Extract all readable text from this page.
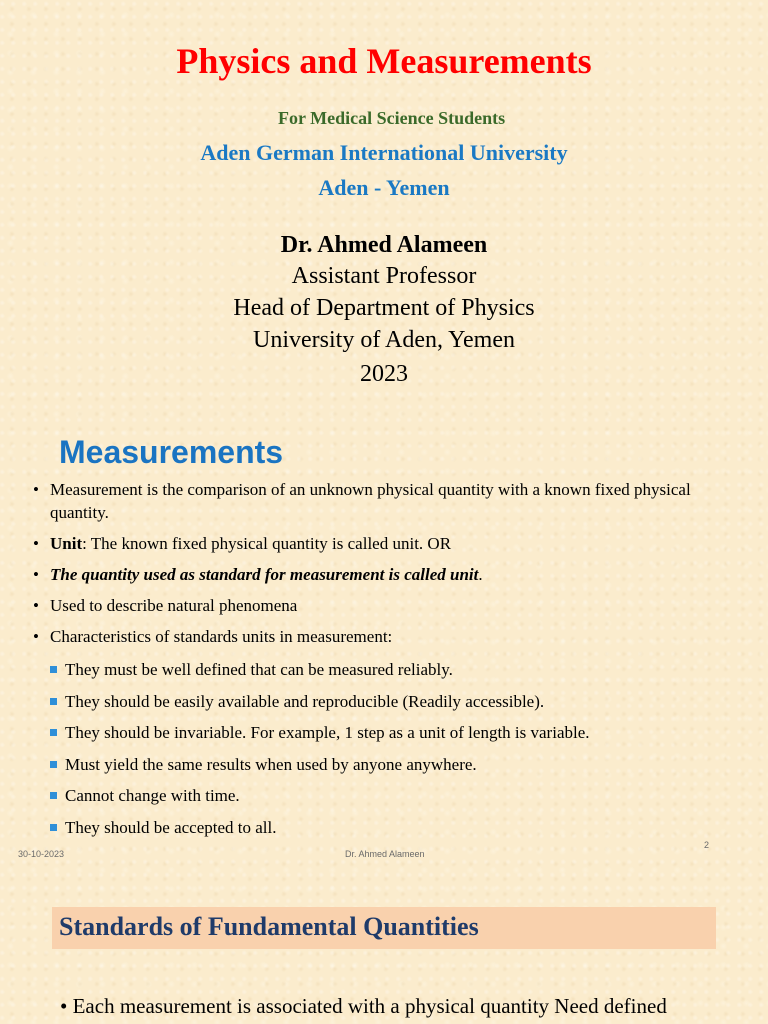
Physics and Measurements
For Medical Science Students
Aden German International University
Aden - Yemen
Dr. Ahmed Alameen
Assistant Professor
Head of Department of Physics
University of Aden, Yemen
2023
Measurements
• Measurement is the comparison of an unknown physical quantity with a known fixed physical quantity.
• Unit: The known fixed physical quantity is called unit. OR
• The quantity used as standard for measurement is called unit.
• Used to describe natural phenomena
• Characteristics of standards units in measurement:
They must be well defined that can be measured reliably.
They should be easily available and reproducible (Readily accessible).
They should be invariable. For example, 1 step as a unit of length is variable.
Must yield the same results when used by anyone anywhere.
Cannot change with time.
They should be accepted to all.
30-10-2023	Dr. Ahmed Alameen
2
Standards of Fundamental Quantities
• Each measurement is associated with a physical quantity Need defined
